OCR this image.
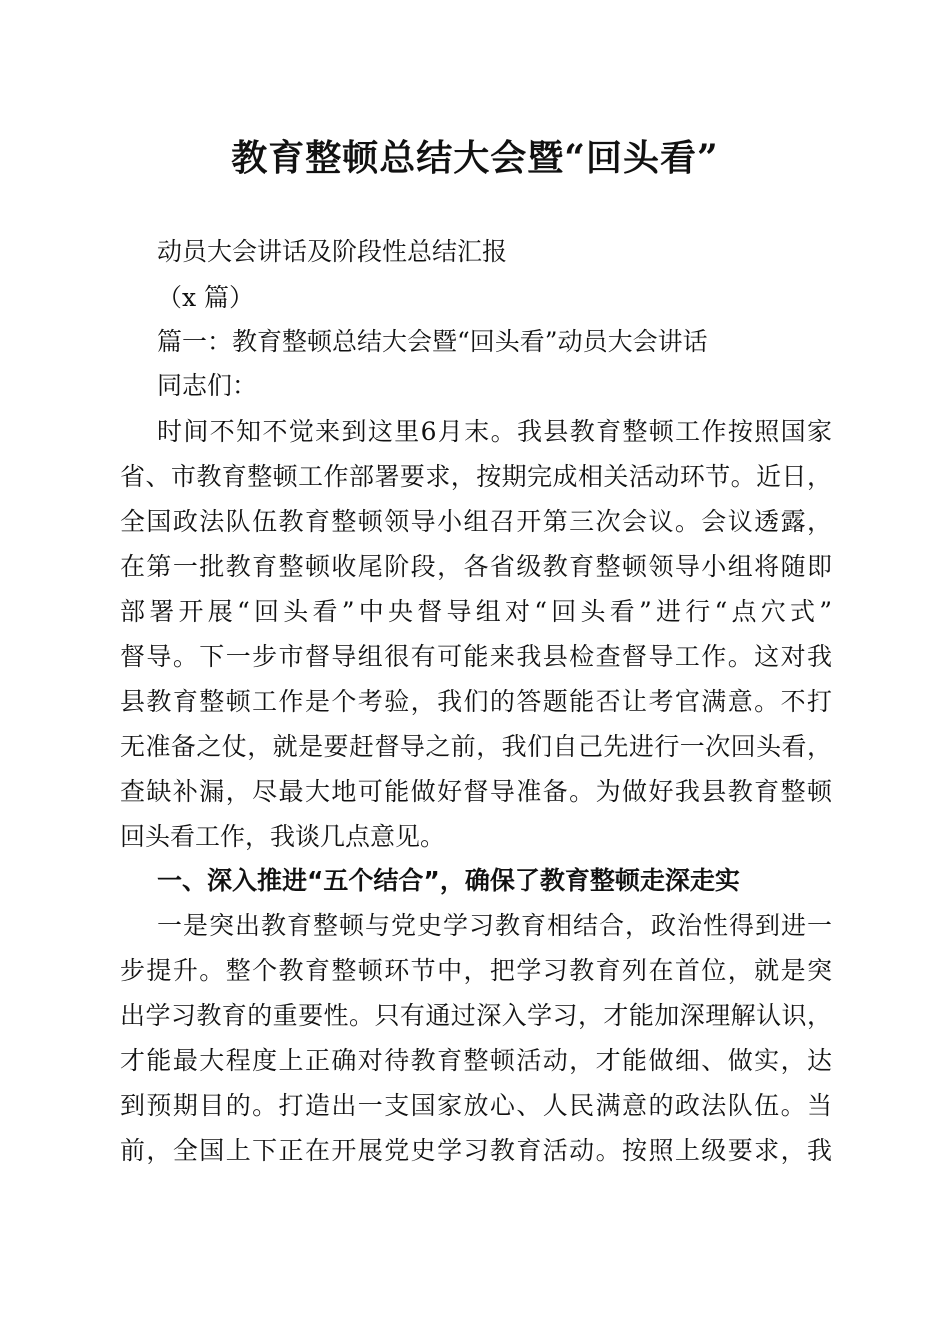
教育整顿总结大会暨“回头看”

动员大会讲话及阶段性总结汇报

（x 篇）

篇一：教育整顿总结大会暨“回头看”动员大会讲话

同志们：

时间不知不觉来到这里6月末。我县教育整顿工作按照国家

省、市教育整顿工作部署要求，按期完成相关活动环节。近日，

全国政法队伍教育整顿领导小组召开第三次会议。会议透露，

在第一批教育整顿收尾阶段，各省级教育整顿领导小组将随即

部署开展“回头看”中央督导组对“回头看”进行“点穴式”

督导。下一步市督导组很有可能来我县检查督导工作。这对我

县教育整顿工作是个考验，我们的答题能否让考官满意。不打

无准备之仗，就是要赶督导之前，我们自己先进行一次回头看，

查缺补漏，尽最大地可能做好督导准备。为做好我县教育整顿

回头看工作，我谈几点意见。

一、深入推进“五个结合”，确保了教育整顿走深走实

一是突出教育整顿与党史学习教育相结合，政治性得到进一

步提升。整个教育整顿环节中，把学习教育列在首位，就是突

出学习教育的重要性。只有通过深入学习，才能加深理解认识，

才能最大程度上正确对待教育整顿活动，才能做细、做实，达

到预期目的。打造出一支国家放心、人民满意的政法队伍。当

前，全国上下正在开展党史学习教育活动。按照上级要求，我
